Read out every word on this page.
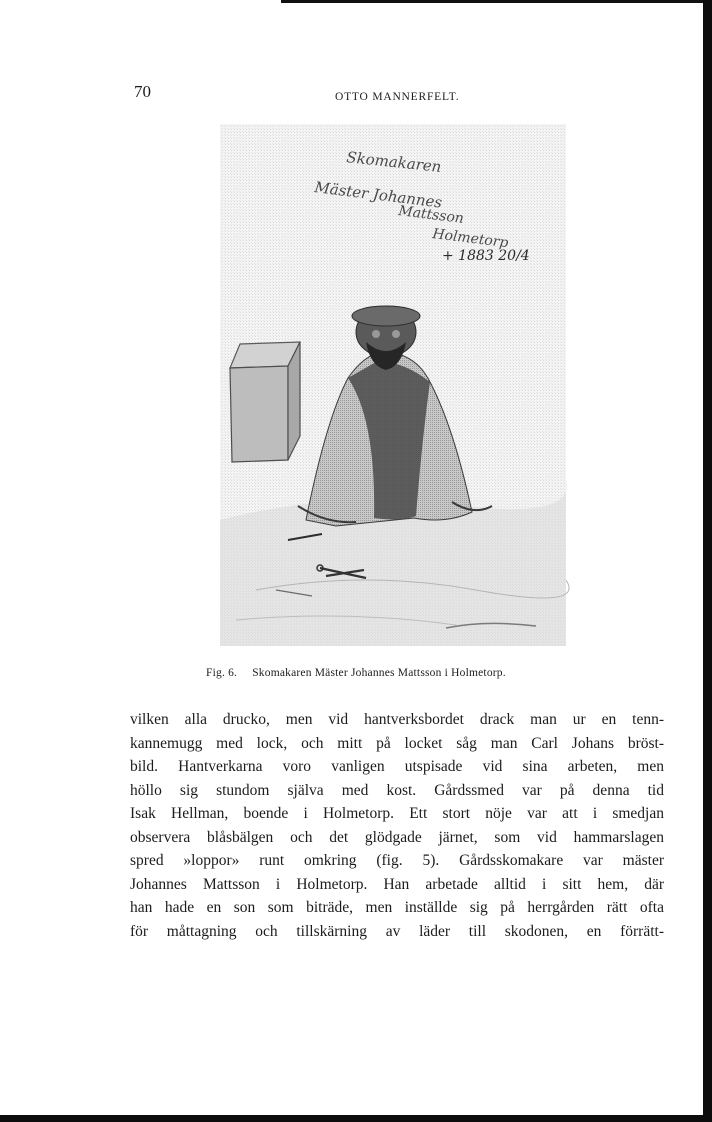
70	OTTO MANNERFELT.
Skomakaren
Mäster Johannes
Mattsson
Holmetorp
+ 1883 20/4
Fig. 6. Skomakaren Mäster Johannes Mattsson i Holmetorp.
vilken alla drucko, men vid hantverksbordet drack man ur en tenn-
kannemugg med lock, och mitt på locket såg man Carl Johans bröst-
bild. Hantverkarna voro vanligen utspisade vid sina arbeten, men
höllo sig stundom själva med kost. Gårdssmed var på denna tid
Isak Hellman, boende i Holmetorp. Ett stort nöje var att i smedjan
observera blåsbälgen och det glödgade järnet, som vid hammarslagen
spred »loppor» runt omkring (fig. 5). Gårdsskomakare var mäster
Johannes Mattsson i Holmetorp. Han arbetade alltid i sitt hem, där
han hade en son som biträde, men inställde sig på herrgården rätt ofta
för måttagning och tillskärning av läder till skodonen, en förrätt-
